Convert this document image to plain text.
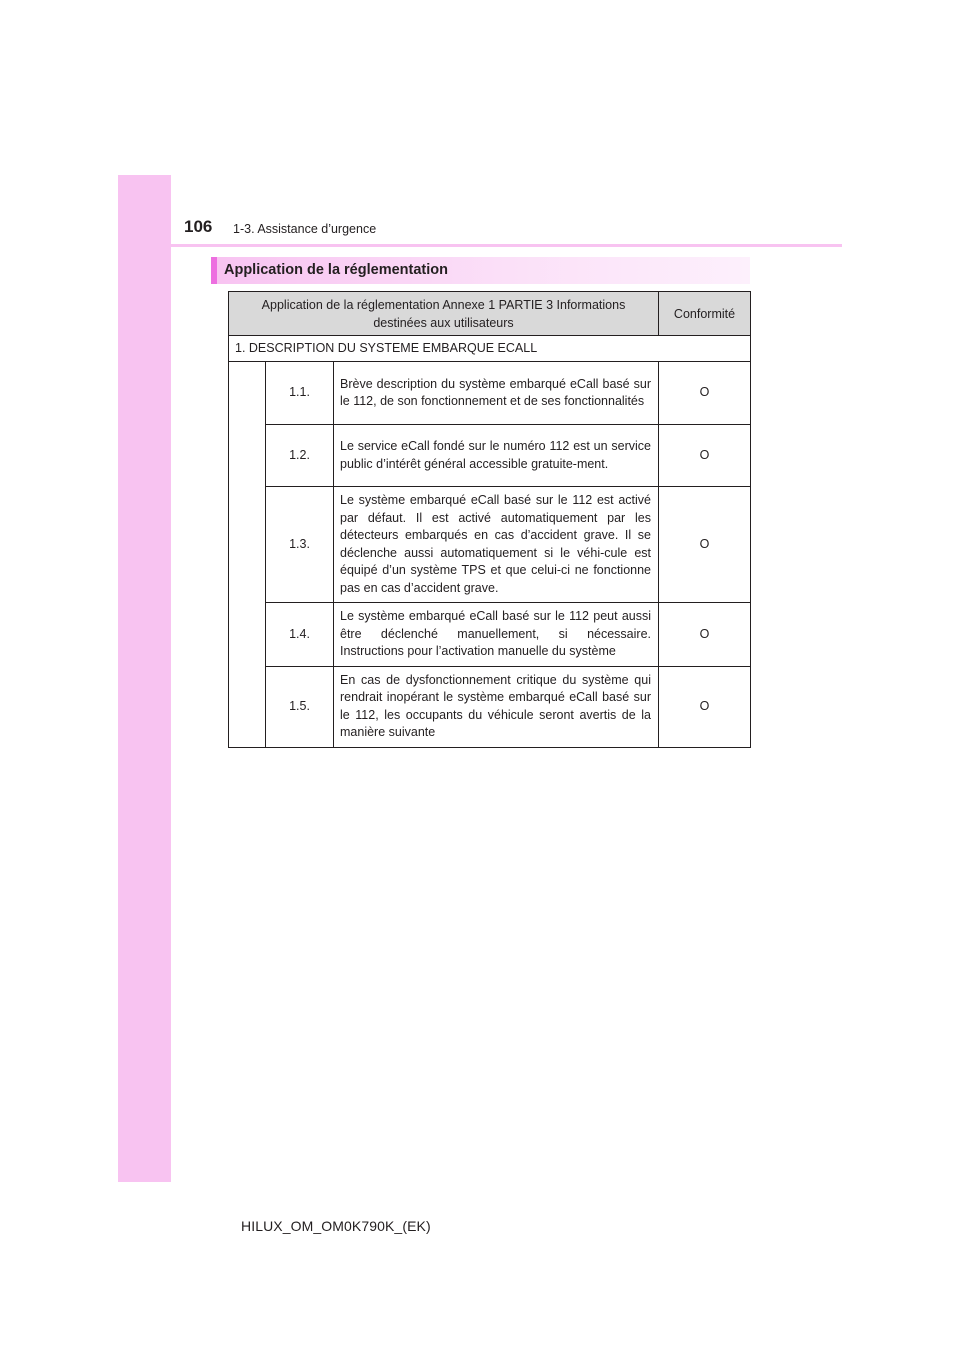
106 1-3. Assistance d’urgence
Application de la réglementation
Application de la réglementation Annexe 1 PARTIE 3 Informations destinées aux utilisateurs			Conformité
1. DESCRIPTION DU SYSTEME EMBARQUE ECALL			
	1.1.	Brève description du système embarqué eCall basé sur le 112, de son fonctionnement et de ses fonctionnalités	O
	1.2.	Le service eCall fondé sur le numéro 112 est un service public d’intérêt général accessible gratuite-ment.	O
	1.3.	Le système embarqué eCall basé sur le 112 est activé par défaut. Il est activé automatiquement par les détecteurs embarqués en cas d’accident grave. Il se déclenche aussi automatiquement si le véhi-cule est équipé d’un système TPS et que celui-ci ne fonctionne pas en cas d’accident grave.	O
	1.4.	Le système embarqué eCall basé sur le 112 peut aussi être déclenché manuellement, si nécessaire. Instructions pour l’activation manuelle du système	O
	1.5.	En cas de dysfonctionnement critique du système qui rendrait inopérant le système embarqué eCall basé sur le 112, les occupants du véhicule seront avertis de la manière suivante	O
HILUX_OM_OM0K790K_(EK)
